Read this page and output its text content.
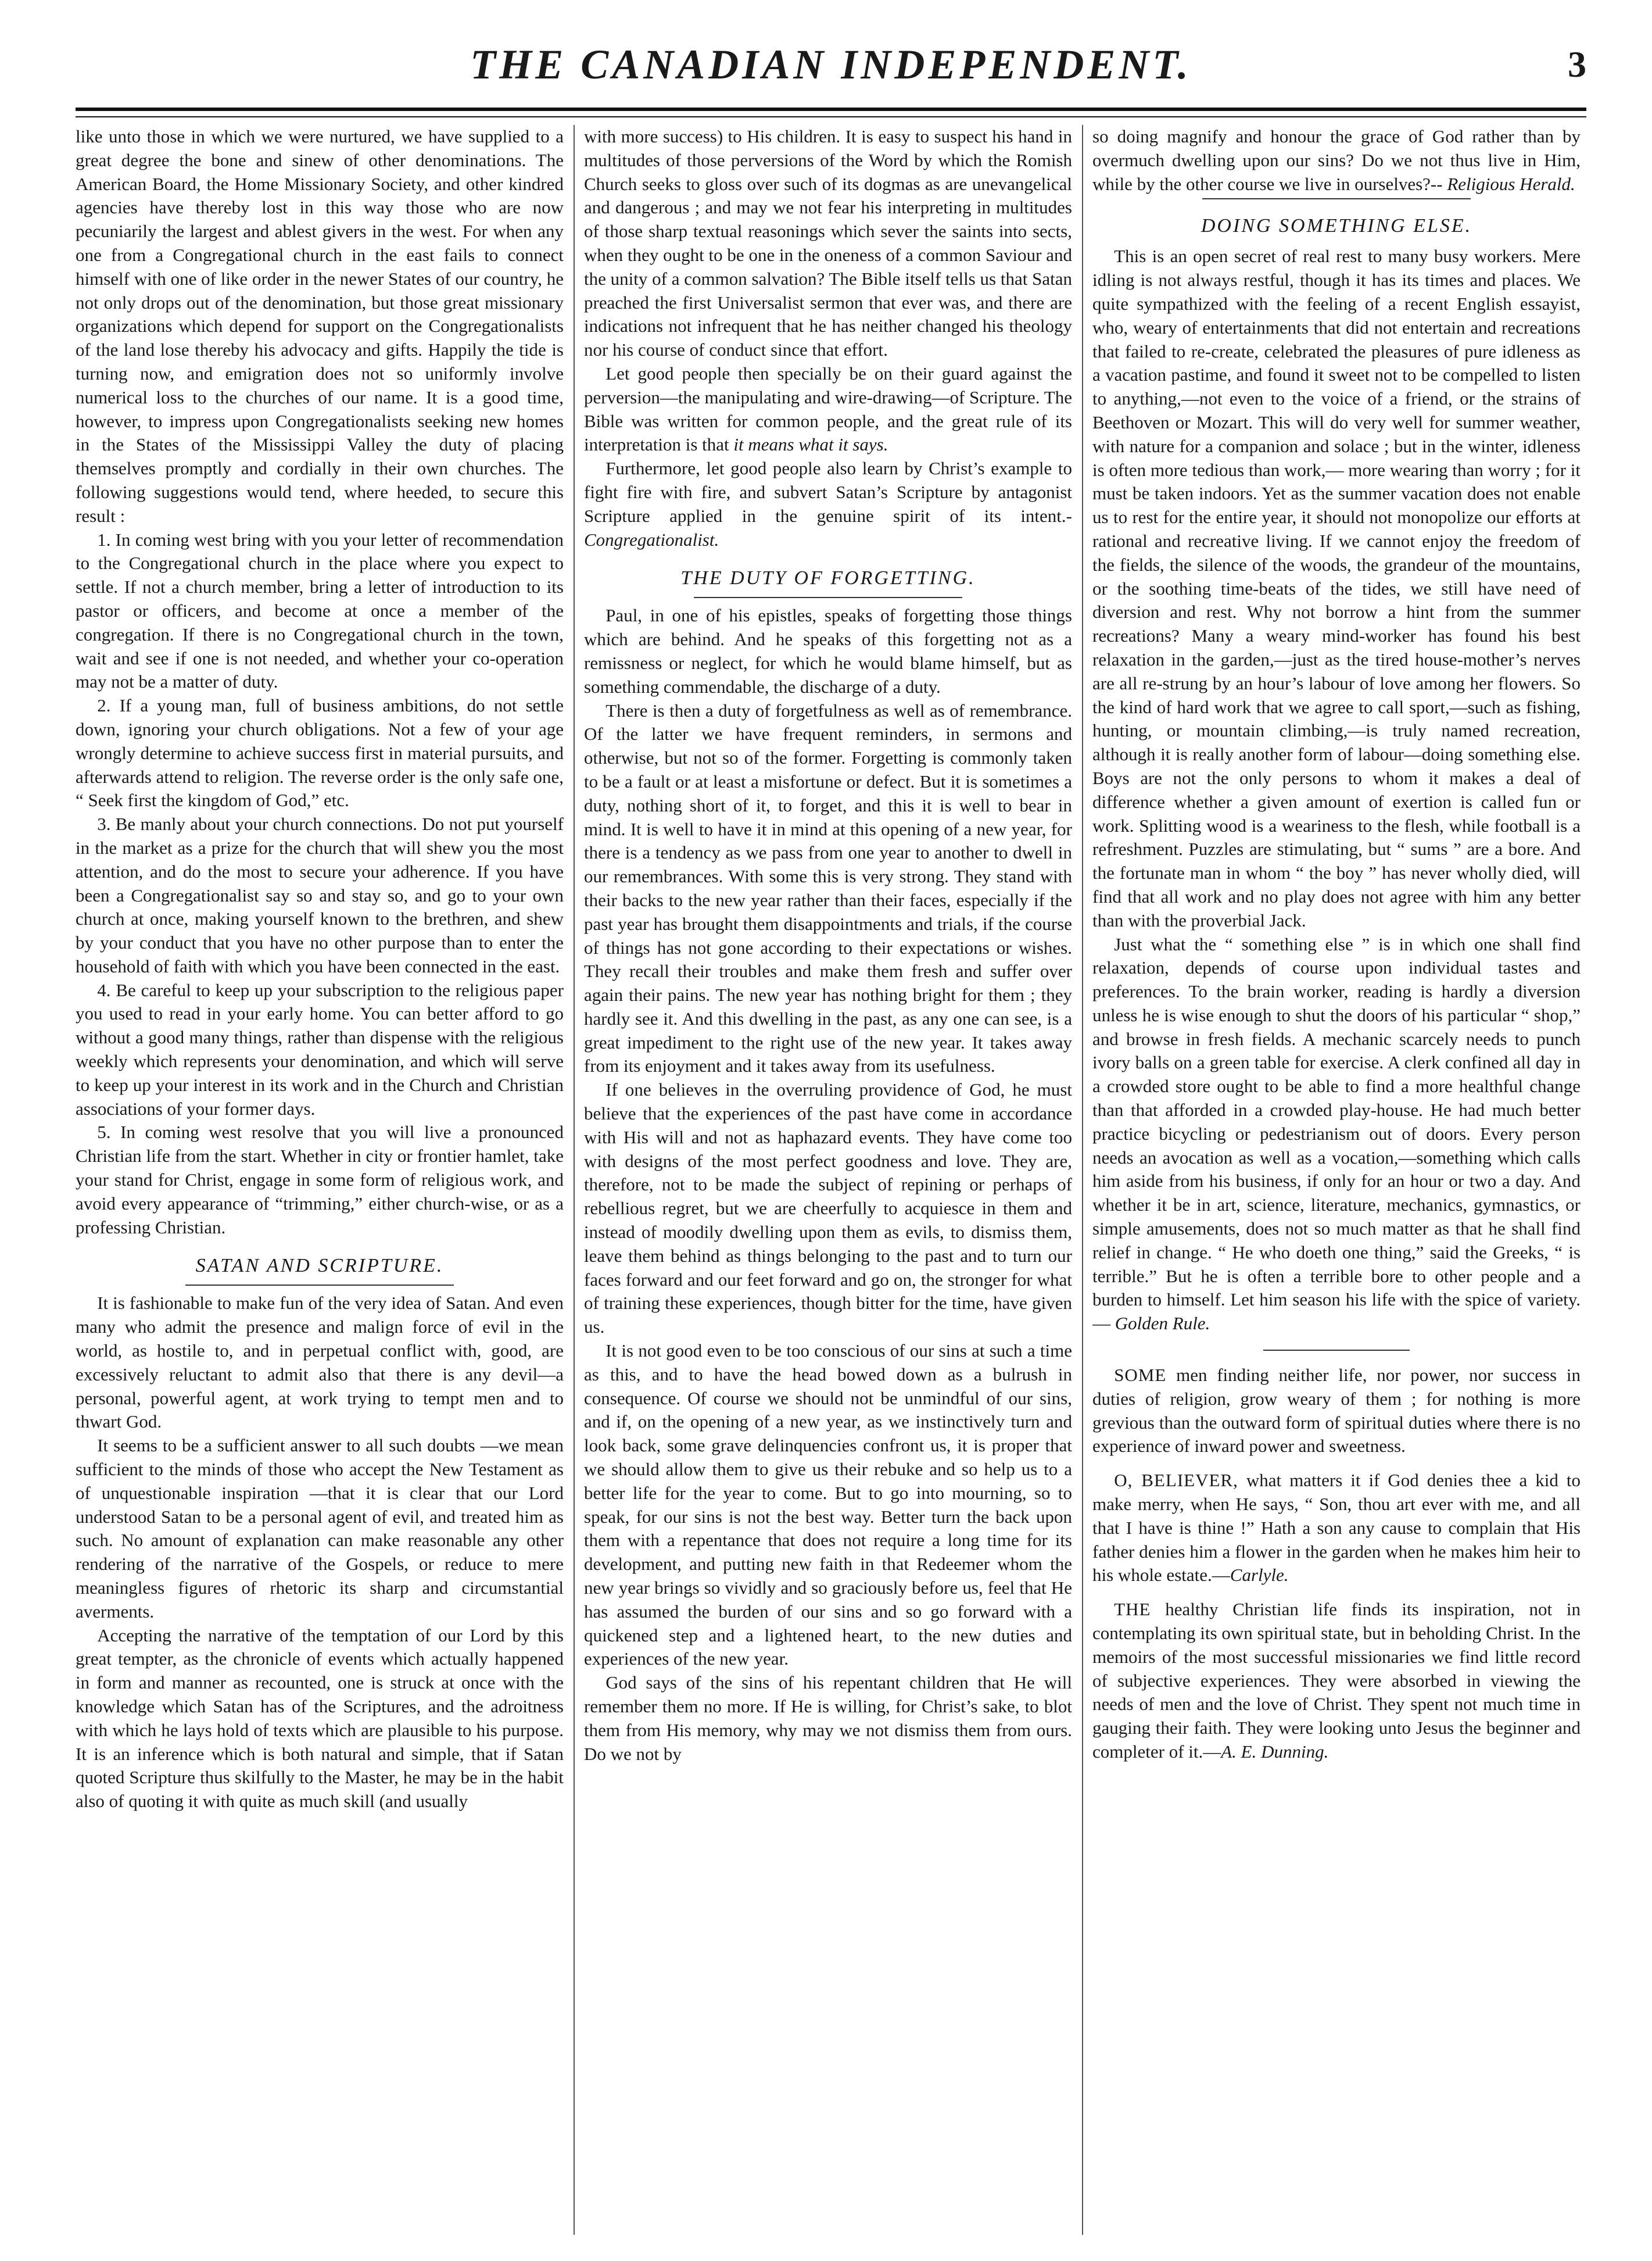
THE CANADIAN INDEPENDENT.	3

like unto those in which we were nurtured, we have supplied to a great degree the bone and sinew of other denominations. The American Board, the Home Missionary Society, and other kindred agencies have thereby lost in this way those who are now pecuniarily the largest and ablest givers in the west. For when any one from a Congregational church in the east fails to connect himself with one of like order in the newer States of our country, he not only drops out of the denomination, but those great missionary organizations which depend for support on the Congregationalists of the land lose thereby his advocacy and gifts. Happily the tide is turning now, and emigration does not so uniformly involve numerical loss to the churches of our name. It is a good time, however, to impress upon Congregationalists seeking new homes in the States of the Mississippi Valley the duty of placing themselves promptly and cordially in their own churches. The following suggestions would tend, where heeded, to secure this result :

1. In coming west bring with you your letter of recommendation to the Congregational church in the place where you expect to settle. If not a church member, bring a letter of introduction to its pastor or officers, and become at once a member of the congregation. If there is no Congregational church in the town, wait and see if one is not needed, and whether your co-operation may not be a matter of duty.

2. If a young man, full of business ambitions, do not settle down, ignoring your church obligations. Not a few of your age wrongly determine to achieve success first in material pursuits, and afterwards attend to religion. The reverse order is the only safe one, “ Seek first the kingdom of God,” etc.

3. Be manly about your church connections. Do not put yourself in the market as a prize for the church that will shew you the most attention, and do the most to secure your adherence. If you have been a Congregationalist say so and stay so, and go to your own church at once, making yourself known to the brethren, and shew by your conduct that you have no other purpose than to enter the household of faith with which you have been connected in the east.

4. Be careful to keep up your subscription to the religious paper you used to read in your early home. You can better afford to go without a good many things, rather than dispense with the religious weekly which represents your denomination, and which will serve to keep up your interest in its work and in the Church and Christian associations of your former days.

5. In coming west resolve that you will live a pronounced Christian life from the start. Whether in city or frontier hamlet, take your stand for Christ, engage in some form of religious work, and avoid every appearance of “trimming,” either church-wise, or as a professing Christian.

SATAN AND SCRIPTURE.

It is fashionable to make fun of the very idea of Satan. And even many who admit the presence and malign force of evil in the world, as hostile to, and in perpetual conflict with, good, are excessively reluctant to admit also that there is any devil—a personal, powerful agent, at work trying to tempt men and to thwart God.

It seems to be a sufficient answer to all such doubts —we mean sufficient to the minds of those who accept the New Testament as of unquestionable inspiration —that it is clear that our Lord understood Satan to be a personal agent of evil, and treated him as such. No amount of explanation can make reasonable any other rendering of the narrative of the Gospels, or reduce to mere meaningless figures of rhetoric its sharp and circumstantial averments.

Accepting the narrative of the temptation of our Lord by this great tempter, as the chronicle of events which actually happened in form and manner as recounted, one is struck at once with the knowledge which Satan has of the Scriptures, and the adroitness with which he lays hold of texts which are plausible to his purpose. It is an inference which is both natural and simple, that if Satan quoted Scripture thus skilfully to the Master, he may be in the habit also of quoting it with quite as much skill (and usually

with more success) to His children. It is easy to suspect his hand in multitudes of those perversions of the Word by which the Romish Church seeks to gloss over such of its dogmas as are unevangelical and dangerous ; and may we not fear his interpreting in multitudes of those sharp textual reasonings which sever the saints into sects, when they ought to be one in the oneness of a common Saviour and the unity of a common salvation? The Bible itself tells us that Satan preached the first Universalist sermon that ever was, and there are indications not infrequent that he has neither changed his theology nor his course of conduct since that effort.

Let good people then specially be on their guard against the perversion—the manipulating and wire-drawing—of Scripture. The Bible was written for common people, and the great rule of its interpretation is that it means what it says.

Furthermore, let good people also learn by Christ’s example to fight fire with fire, and subvert Satan’s Scripture by antagonist Scripture applied in the genuine spirit of its intent.- Congregationalist.

THE DUTY OF FORGETTING.

Paul, in one of his epistles, speaks of forgetting those things which are behind. And he speaks of this forgetting not as a remissness or neglect, for which he would blame himself, but as something commendable, the discharge of a duty.

There is then a duty of forgetfulness as well as of remembrance. Of the latter we have frequent reminders, in sermons and otherwise, but not so of the former. Forgetting is commonly taken to be a fault or at least a misfortune or defect. But it is sometimes a duty, nothing short of it, to forget, and this it is well to bear in mind. It is well to have it in mind at this opening of a new year, for there is a tendency as we pass from one year to another to dwell in our remembrances. With some this is very strong. They stand with their backs to the new year rather than their faces, especially if the past year has brought them disappointments and trials, if the course of things has not gone according to their expectations or wishes. They recall their troubles and make them fresh and suffer over again their pains. The new year has nothing bright for them ; they hardly see it. And this dwelling in the past, as any one can see, is a great impediment to the right use of the new year. It takes away from its enjoyment and it takes away from its usefulness.

If one believes in the overruling providence of God, he must believe that the experiences of the past have come in accordance with His will and not as haphazard events. They have come too with designs of the most perfect goodness and love. They are, therefore, not to be made the subject of repining or perhaps of rebellious regret, but we are cheerfully to acquiesce in them and instead of moodily dwelling upon them as evils, to dismiss them, leave them behind as things belonging to the past and to turn our faces forward and our feet forward and go on, the stronger for what of training these experiences, though bitter for the time, have given us.

It is not good even to be too conscious of our sins at such a time as this, and to have the head bowed down as a bulrush in consequence. Of course we should not be unmindful of our sins, and if, on the opening of a new year, as we instinctively turn and look back, some grave delinquencies confront us, it is proper that we should allow them to give us their rebuke and so help us to a better life for the year to come. But to go into mourning, so to speak, for our sins is not the best way. Better turn the back upon them with a repentance that does not require a long time for its development, and putting new faith in that Redeemer whom the new year brings so vividly and so graciously before us, feel that He has assumed the burden of our sins and so go forward with a quickened step and a lightened heart, to the new duties and experiences of the new year.

God says of the sins of his repentant children that He will remember them no more. If He is willing, for Christ’s sake, to blot them from His memory, why may we not dismiss them from ours. Do we not by

so doing magnify and honour the grace of God rather than by overmuch dwelling upon our sins? Do we not thus live in Him, while by the other course we live in ourselves?-- Religious Herald.

DOING SOMETHING ELSE.

This is an open secret of real rest to many busy workers. Mere idling is not always restful, though it has its times and places. We quite sympathized with the feeling of a recent English essayist, who, weary of entertainments that did not entertain and recreations that failed to re-create, celebrated the pleasures of pure idleness as a vacation pastime, and found it sweet not to be compelled to listen to anything,—not even to the voice of a friend, or the strains of Beethoven or Mozart. This will do very well for summer weather, with nature for a companion and solace ; but in the winter, idleness is often more tedious than work,— more wearing than worry ; for it must be taken indoors. Yet as the summer vacation does not enable us to rest for the entire year, it should not monopolize our efforts at rational and recreative living. If we cannot enjoy the freedom of the fields, the silence of the woods, the grandeur of the mountains, or the soothing time-beats of the tides, we still have need of diversion and rest. Why not borrow a hint from the summer recreations? Many a weary mind-worker has found his best relaxation in the garden,—just as the tired house-mother’s nerves are all re-strung by an hour’s labour of love among her flowers. So the kind of hard work that we agree to call sport,—such as fishing, hunting, or mountain climbing,—is truly named recreation, although it is really another form of labour—doing something else. Boys are not the only persons to whom it makes a deal of difference whether a given amount of exertion is called fun or work. Splitting wood is a weariness to the flesh, while football is a refreshment. Puzzles are stimulating, but “ sums ” are a bore. And the fortunate man in whom “ the boy ” has never wholly died, will find that all work and no play does not agree with him any better than with the proverbial Jack.

Just what the “ something else ” is in which one shall find relaxation, depends of course upon individual tastes and preferences. To the brain worker, reading is hardly a diversion unless he is wise enough to shut the doors of his particular “ shop,” and browse in fresh fields. A mechanic scarcely needs to punch ivory balls on a green table for exercise. A clerk confined all day in a crowded store ought to be able to find a more healthful change than that afforded in a crowded play-house. He had much better practice bicycling or pedestrianism out of doors. Every person needs an avocation as well as a vocation,—something which calls him aside from his business, if only for an hour or two a day. And whether it be in art, science, literature, mechanics, gymnastics, or simple amusements, does not so much matter as that he shall find relief in change. “ He who doeth one thing,” said the Greeks, “ is terrible.” But he is often a terrible bore to other people and a burden to himself. Let him season his life with the spice of variety.— Golden Rule.

SOME men finding neither life, nor power, nor success in duties of religion, grow weary of them ; for nothing is more grevious than the outward form of spiritual duties where there is no experience of inward power and sweetness.

O, BELIEVER, what matters it if God denies thee a kid to make merry, when He says, “ Son, thou art ever with me, and all that I have is thine !” Hath a son any cause to complain that His father denies him a flower in the garden when he makes him heir to his whole estate.—Carlyle.

THE healthy Christian life finds its inspiration, not in contemplating its own spiritual state, but in beholding Christ. In the memoirs of the most successful missionaries we find little record of subjective experiences. They were absorbed in viewing the needs of men and the love of Christ. They spent not much time in gauging their faith. They were looking unto Jesus the beginner and completer of it.—A. E. Dunning.
